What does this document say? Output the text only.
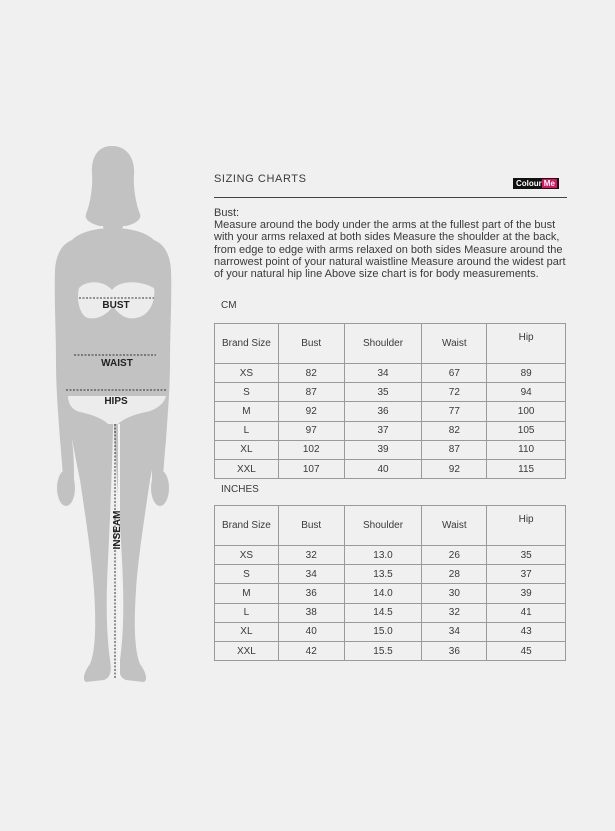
BUST
WAIST
HIPS
INSEAM
SIZING CHARTS	Colour Me

Bust:

Measure around the body under the arms at the fullest part of the bust with your arms relaxed at both sides Measure the shoulder at the back, from edge to edge with arms relaxed on both sides Measure around the narrowest point of your natural waistline Measure around the widest part of your natural hip line Above size chart is for body measurements.

CM
Brand Size	Bust	Shoulder	Waist	Hip
XS	82	34	67	89
S	87	35	72	94
M	92	36	77	100
L	97	37	82	105
XL	102	39	87	110
XXL	107	40	92	115
INCHES
Brand Size	Bust	Shoulder	Waist	Hip
XS	32	13.0	26	35
S	34	13.5	28	37
M	36	14.0	30	39
L	38	14.5	32	41
XL	40	15.0	34	43
XXL	42	15.5	36	45
